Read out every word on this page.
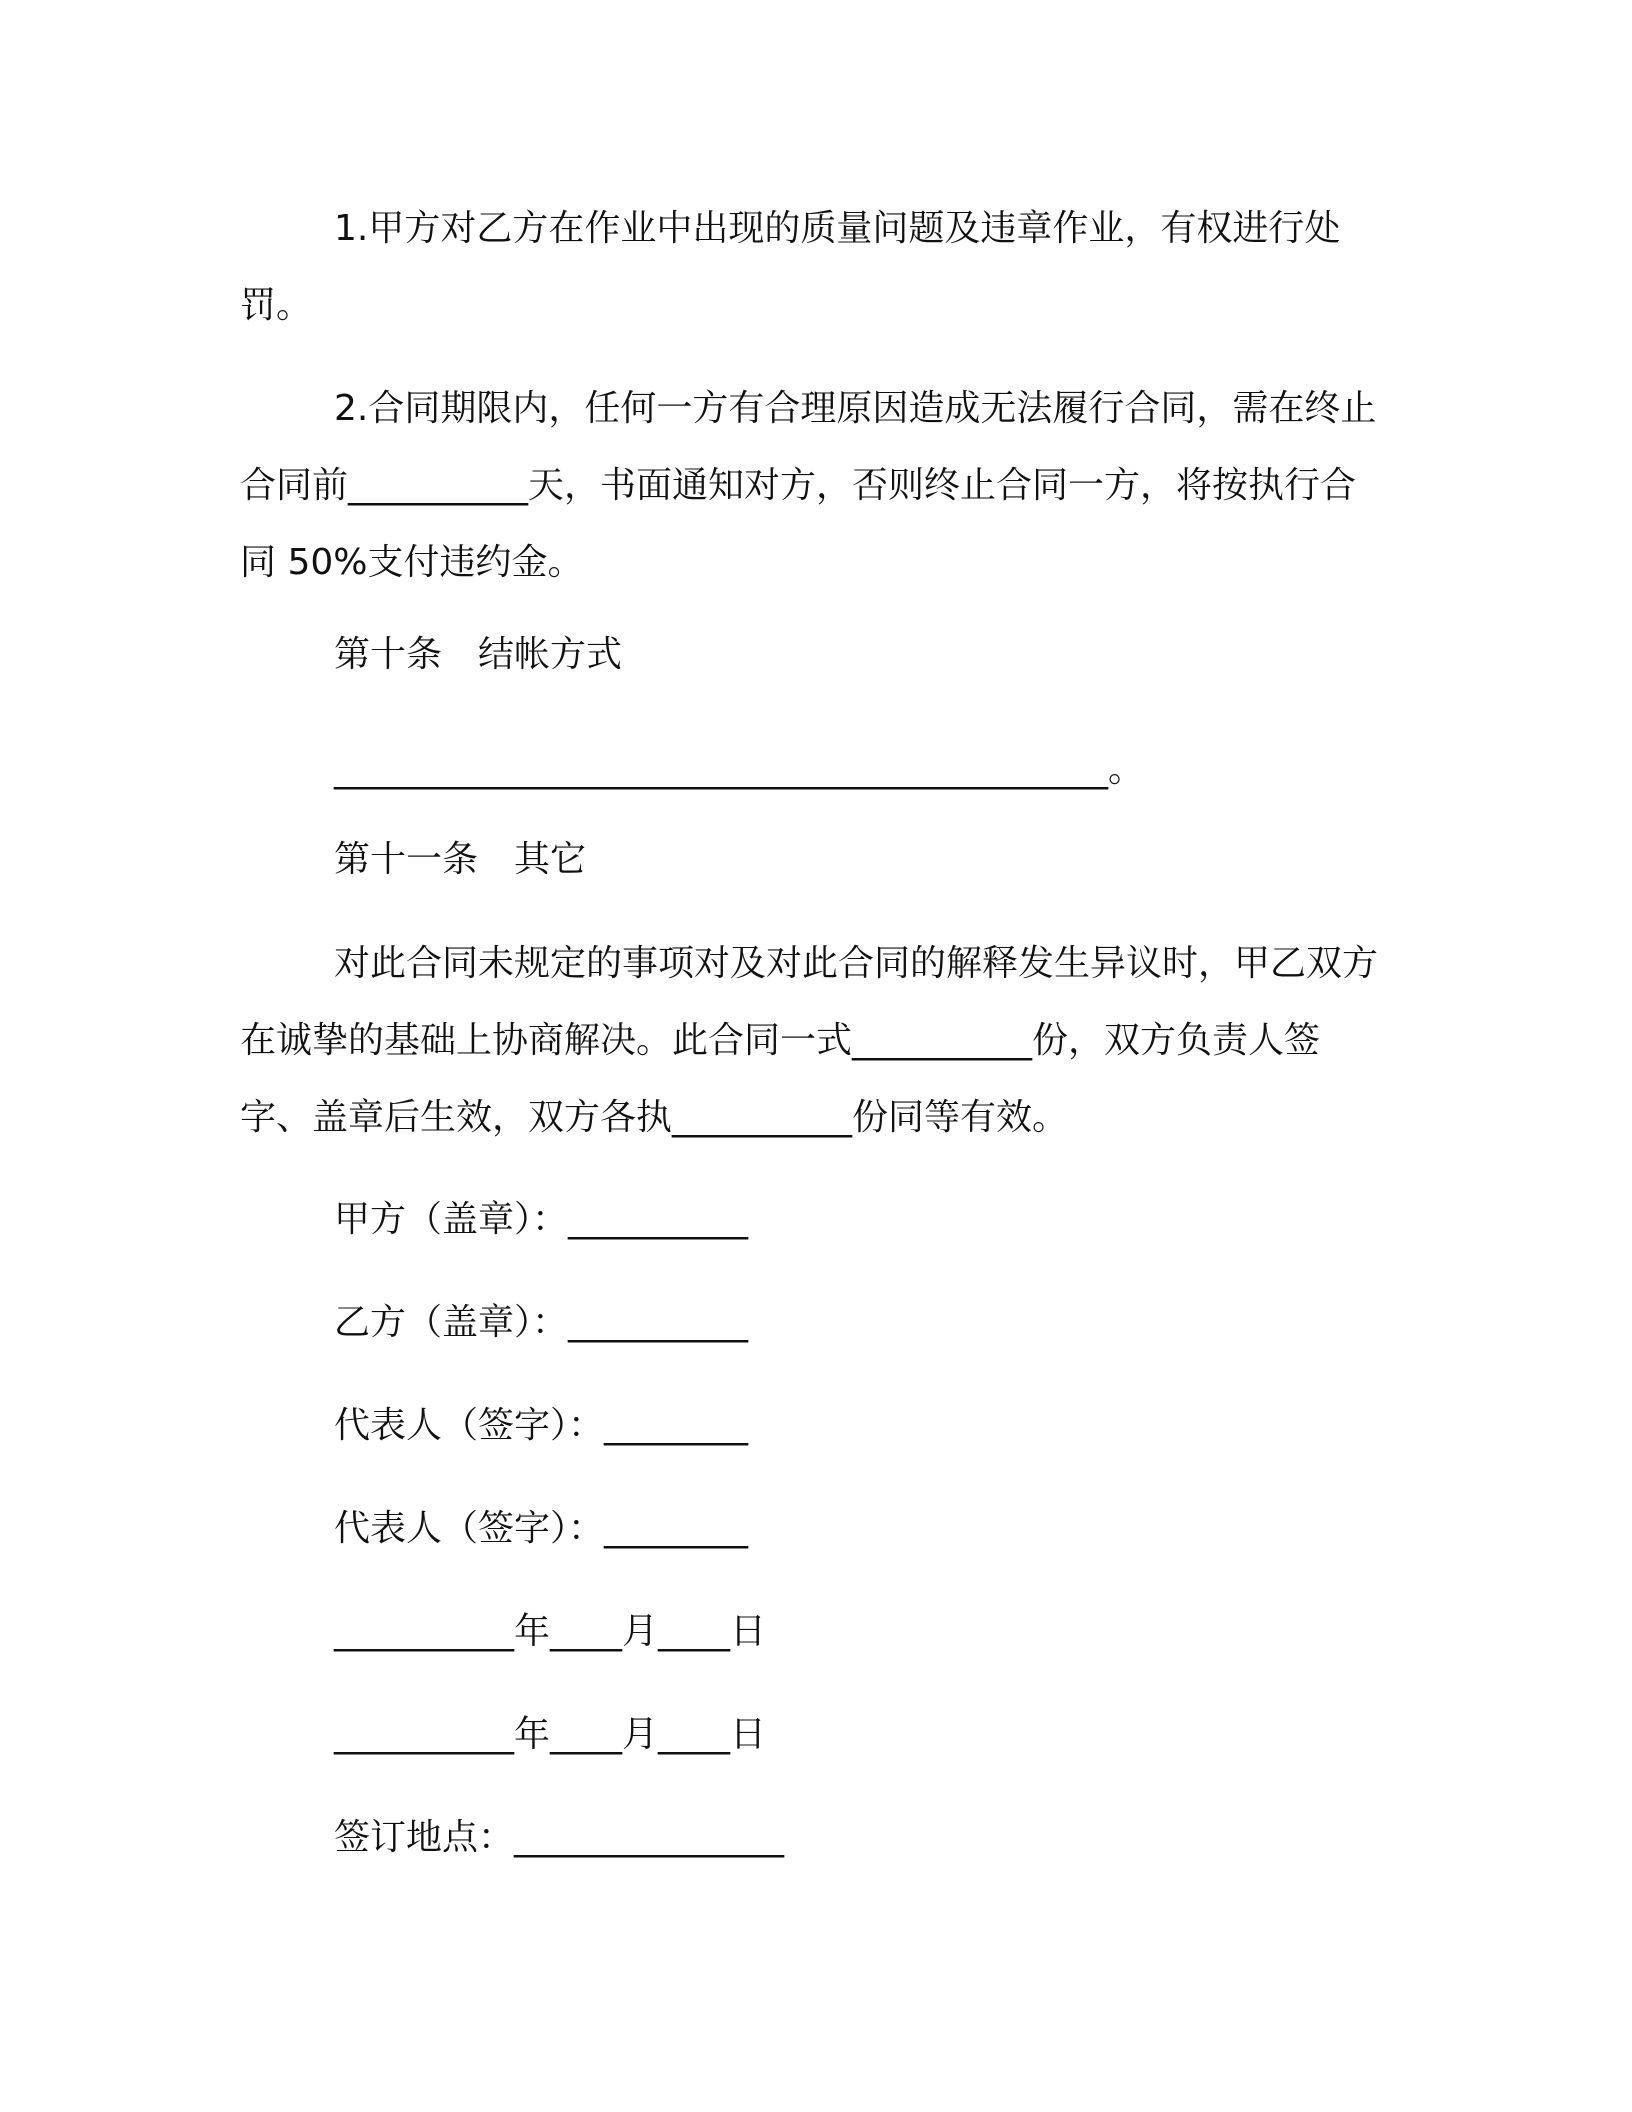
1.甲方对乙方在作业中出现的质量问题及违章作业，有权进行处罚。

2.合同期限内，任何一方有合理原因造成无法履行合同，需在终止合同前__________天，书面通知对方，否则终止合同一方，将按执行合同 50%支付违约金。

第十条　结帐方式

___________________________________________。

第十一条　其它

对此合同未规定的事项对及对此合同的解释发生异议时，甲乙双方在诚挚的基础上协商解决。此合同一式__________份，双方负责人签字、盖章后生效，双方各执__________份同等有效。

甲方（盖章）：__________

乙方（盖章）：__________

代表人（签字）：________

代表人（签字）：________

__________年____月____日

__________年____月____日

签订地点：_______________
